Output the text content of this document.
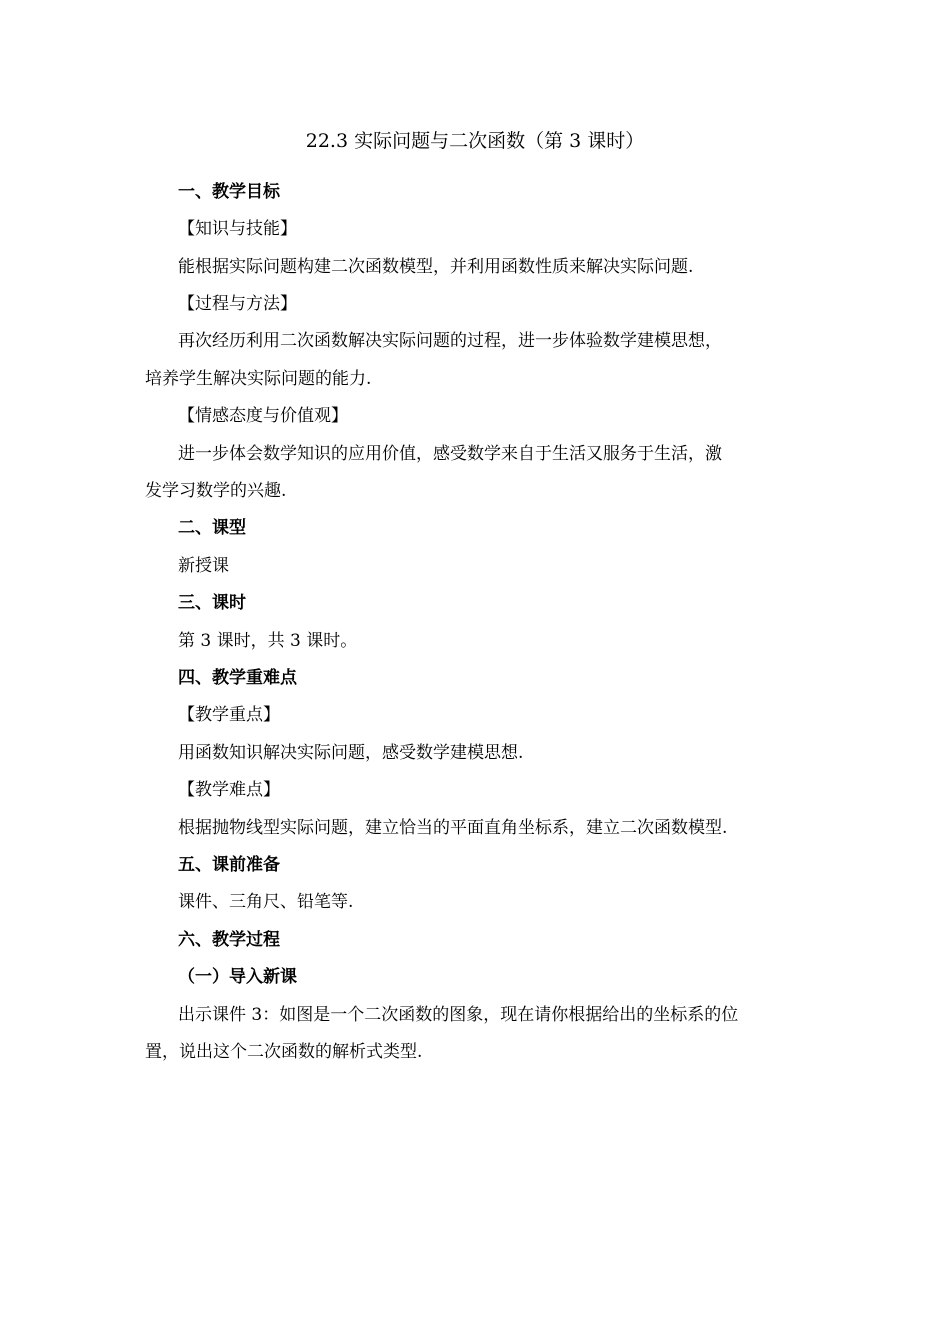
22.3 实际问题与二次函数（第 3 课时）
一、教学目标
【知识与技能】
能根据实际问题构建二次函数模型，并利用函数性质来解决实际问题.
【过程与方法】
再次经历利用二次函数解决实际问题的过程，进一步体验数学建模思想，
培养学生解决实际问题的能力.
【情感态度与价值观】
进一步体会数学知识的应用价值，感受数学来自于生活又服务于生活，激
发学习数学的兴趣.
二、课型
新授课
三、课时
第 3 课时，共 3 课时。
四、教学重难点
【教学重点】
用函数知识解决实际问题，感受数学建模思想.
【教学难点】
根据抛物线型实际问题，建立恰当的平面直角坐标系，建立二次函数模型.
五、课前准备
课件、三角尺、铅笔等.
六、教学过程
（一）导入新课
出示课件 3：如图是一个二次函数的图象，现在请你根据给出的坐标系的位
置，说出这个二次函数的解析式类型.
